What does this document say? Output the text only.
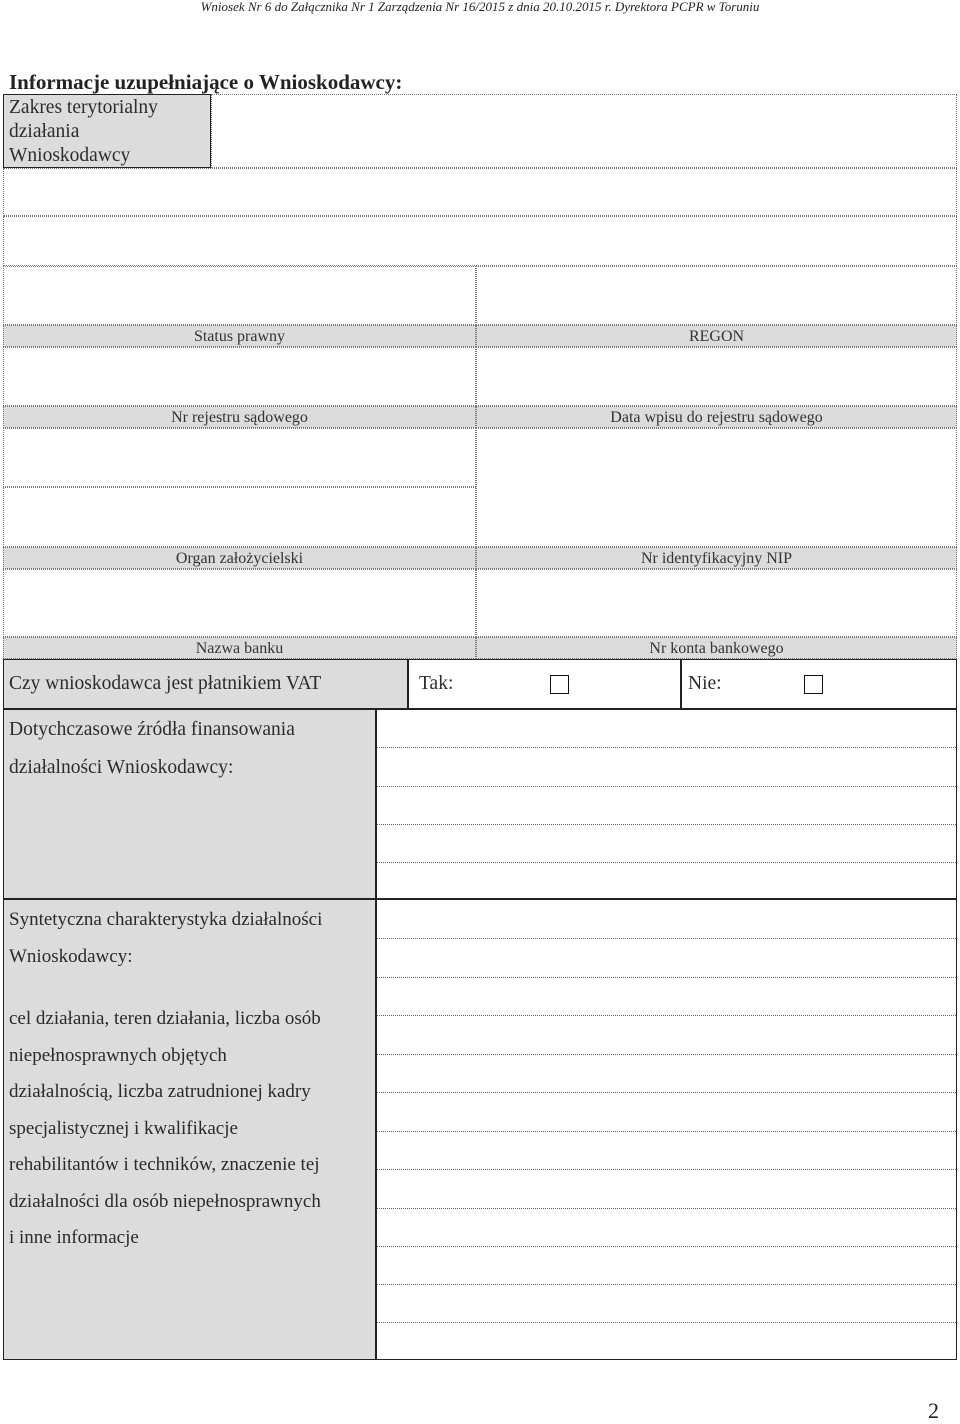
Wniosek Nr 6 do Załącznika Nr 1 Zarządzenia Nr 16/2015 z dnia 20.10.2015 r. Dyrektora PCPR w Toruniu
Informacje uzupełniające o Wnioskodawcy:
Zakres terytorialny
działania
Wnioskodawcy
Status prawny	REGON
Nr rejestru sądowego	Data wpisu do rejestru sądowego
Organ założycielski	Nr identyfikacyjny NIP
Nazwa banku	Nr konta bankowego
Czy wnioskodawca jest płatnikiem VAT	Tak:	Nie:
Dotychczasowe źródła finansowania
działalności Wnioskodawcy:
Syntetyczna charakterystyka działalności
Wnioskodawcy:
cel działania, teren działania, liczba osób
niepełnosprawnych objętych
działalnością, liczba zatrudnionej kadry
specjalistycznej i kwalifikacje
rehabilitantów i techników, znaczenie tej
działalności dla osób niepełnosprawnych
i inne informacje
2
